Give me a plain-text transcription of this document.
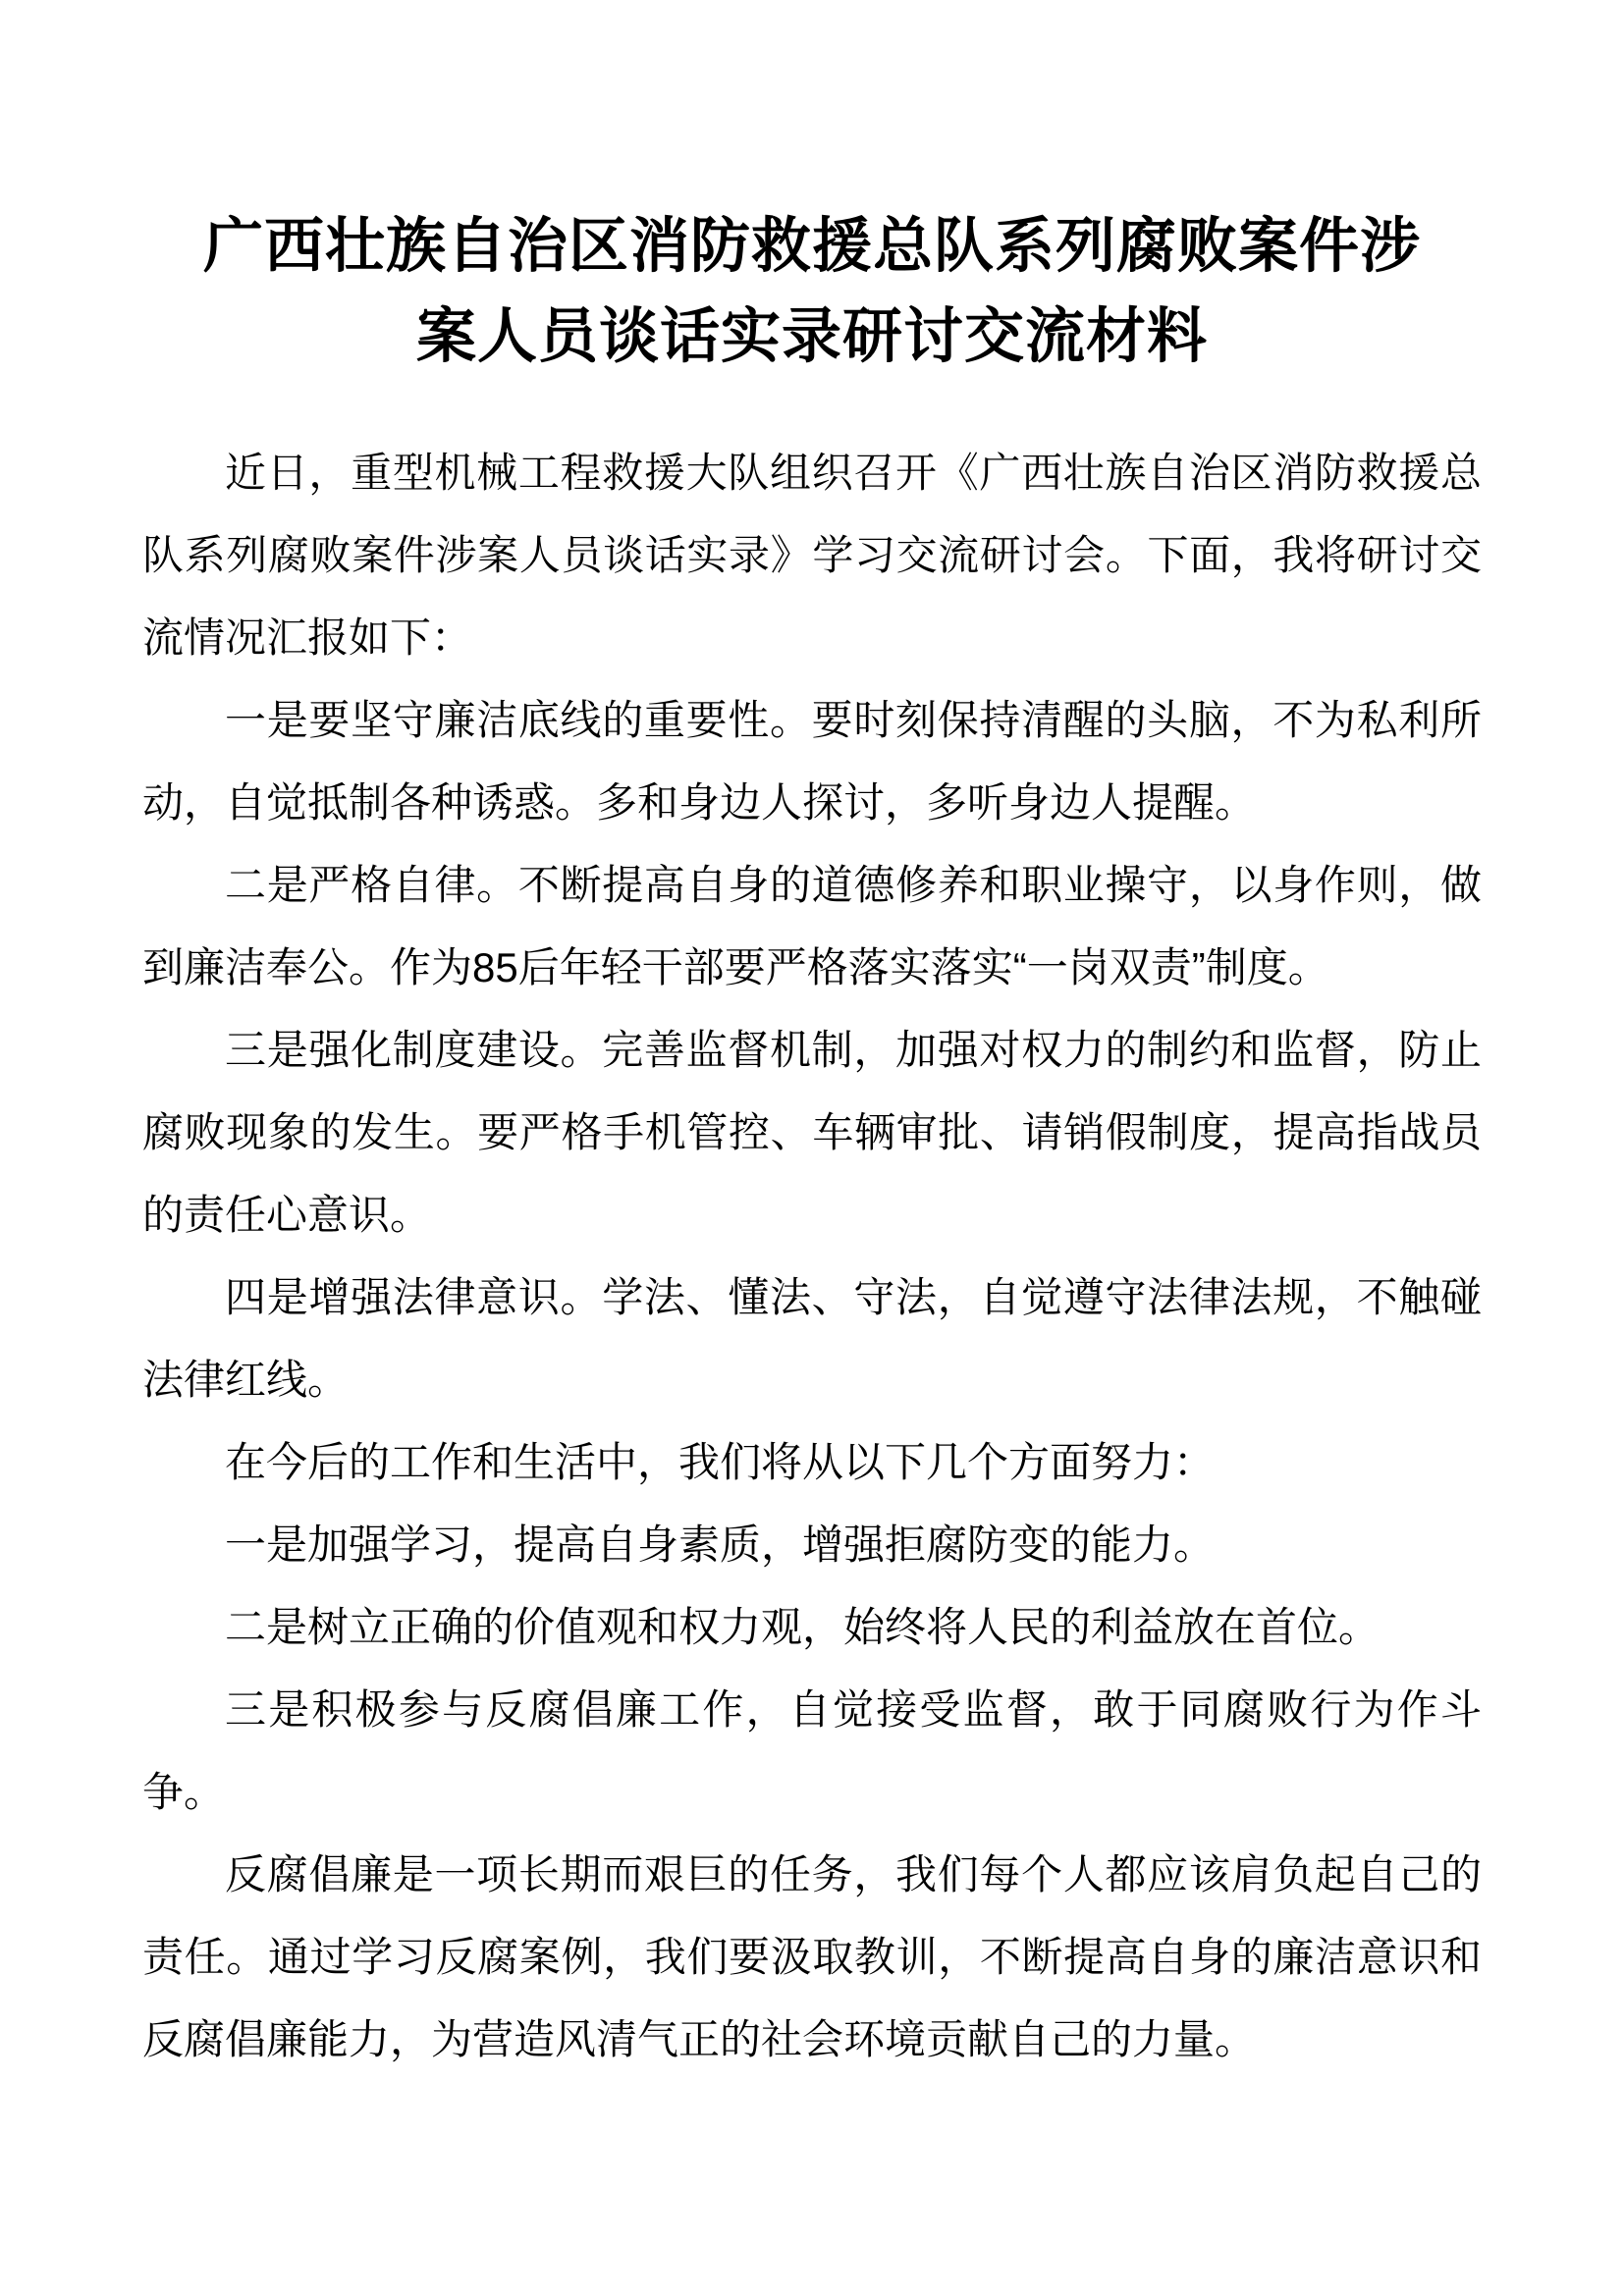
广西壮族自治区消防救援总队系列腐败案件涉案人员谈话实录研讨交流材料

近日，重型机械工程救援大队组织召开《广西壮族自治区消防救援总队系列腐败案件涉案人员谈话实录》学习交流研讨会。下面，我将研讨交流情况汇报如下：

一是要坚守廉洁底线的重要性。要时刻保持清醒的头脑，不为私利所动，自觉抵制各种诱惑。多和身边人探讨，多听身边人提醒。

二是严格自律。不断提高自身的道德修养和职业操守，以身作则，做到廉洁奉公。作为85后年轻干部要严格落实落实“一岗双责”制度。

三是强化制度建设。完善监督机制，加强对权力的制约和监督，防止腐败现象的发生。要严格手机管控、车辆审批、请销假制度，提高指战员的责任心意识。

四是增强法律意识。学法、懂法、守法，自觉遵守法律法规，不触碰法律红线。

在今后的工作和生活中，我们将从以下几个方面努力：

一是加强学习，提高自身素质，增强拒腐防变的能力。

二是树立正确的价值观和权力观，始终将人民的利益放在首位。

三是积极参与反腐倡廉工作，自觉接受监督，敢于同腐败行为作斗争。

反腐倡廉是一项长期而艰巨的任务，我们每个人都应该肩负起自己的责任。通过学习反腐案例，我们要汲取教训，不断提高自身的廉洁意识和反腐倡廉能力，为营造风清气正的社会环境贡献自己的力量。
